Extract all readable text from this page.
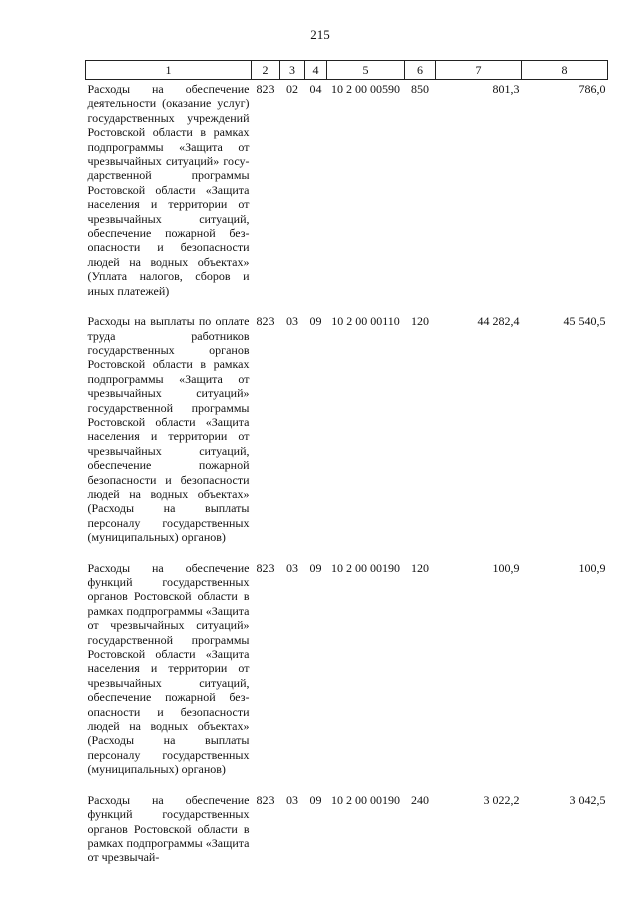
215
1	2	3	4	5	6	7	8
Расходы на обеспечение деятельности (оказание услуг) государственных учреждений Ростовской области в рамках подпрограммы «Защита от чрезвычайных ситуаций» государственной программы Ростовской области «Защита населения и территории от чрезвычайных ситуаций, обеспечение пожарной безопасности и безопасности людей на водных объектах» (Уплата налогов, сборов и иных платежей)	823	02	04	10 2 00 00590	850	801,3	786,0
Расходы на выплаты по оплате труда работников государственных органов Ростовской области в рамках подпрограммы «Защита от чрезвычайных ситуаций» государственной программы Ростовской области «Защита населения и территории от чрезвычайных ситуаций, обеспечение пожарной безопасности и безопасности людей на водных объектах» (Расходы на выплаты персоналу государственных (муниципальных) органов)	823	03	09	10 2 00 00110	120	44 282,4	45 540,5
Расходы на обеспечение функций государственных органов Ростовской области в рамках подпрограммы «Защита от чрезвычайных ситуаций» государственной программы Ростовской области «Защита населения и территории от чрезвычайных ситуаций, обеспечение пожарной безопасности и безопасности людей на водных объектах» (Расходы на выплаты персоналу государственных (муниципальных) органов)	823	03	09	10 2 00 00190	120	100,9	100,9
Расходы на обеспечение функций государственных органов Ростовской области в рамках подпрограммы «Защита от чрезвычай-	823	03	09	10 2 00 00190	240	3 022,2	3 042,5
